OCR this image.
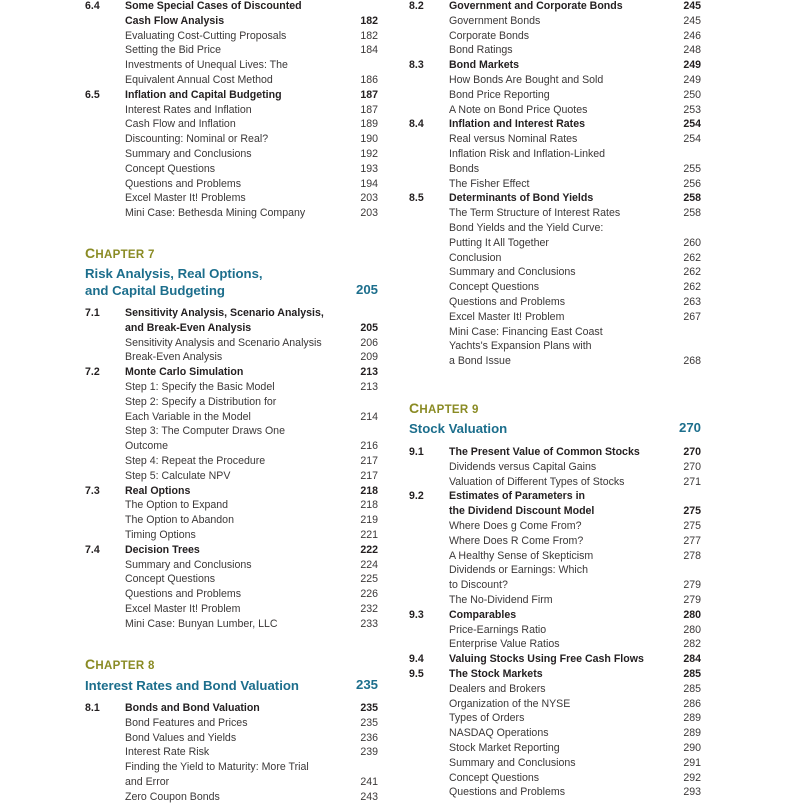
6.4 Some Special Cases of Discounted
Cash Flow Analysis	182
Evaluating Cost-Cutting Proposals	182
Setting the Bid Price	184
Investments of Unequal Lives: The
Equivalent Annual Cost Method	186
6.5 Inflation and Capital Budgeting	187
Interest Rates and Inflation	187
Cash Flow and Inflation	189
Discounting: Nominal or Real?	190
Summary and Conclusions	192
Concept Questions	193
Questions and Problems	194
Excel Master It! Problems	203
Mini Case: Bethesda Mining Company	203
CHAPTER 7
Risk Analysis, Real Options,
and Capital Budgeting	205
7.1 Sensitivity Analysis, Scenario Analysis,
and Break-Even Analysis	205
Sensitivity Analysis and Scenario Analysis	206
Break-Even Analysis	209
7.2 Monte Carlo Simulation	213
Step 1: Specify the Basic Model	213
Step 2: Specify a Distribution for
Each Variable in the Model	214
Step 3: The Computer Draws One
Outcome	216
Step 4: Repeat the Procedure	217
Step 5: Calculate NPV	217
7.3 Real Options	218
The Option to Expand	218
The Option to Abandon	219
Timing Options	221
7.4 Decision Trees	222
Summary and Conclusions	224
Concept Questions	225
Questions and Problems	226
Excel Master It! Problem	232
Mini Case: Bunyan Lumber, LLC	233
CHAPTER 8
Interest Rates and Bond Valuation	235
8.1 Bonds and Bond Valuation	235
Bond Features and Prices	235
Bond Values and Yields	236
Interest Rate Risk	239
Finding the Yield to Maturity: More Trial
and Error	241
Zero Coupon Bonds	243
8.2 Government and Corporate Bonds	245
Government Bonds	245
Corporate Bonds	246
Bond Ratings	248
8.3 Bond Markets	249
How Bonds Are Bought and Sold	249
Bond Price Reporting	250
A Note on Bond Price Quotes	253
8.4 Inflation and Interest Rates	254
Real versus Nominal Rates	254
Inflation Risk and Inflation-Linked
Bonds	255
The Fisher Effect	256
8.5 Determinants of Bond Yields	258
The Term Structure of Interest Rates	258
Bond Yields and the Yield Curve:
Putting It All Together	260
Conclusion	262
Summary and Conclusions	262
Concept Questions	262
Questions and Problems	263
Excel Master It! Problem	267
Mini Case: Financing East Coast
Yachts's Expansion Plans with
a Bond Issue	268
CHAPTER 9
Stock Valuation	270
9.1 The Present Value of Common Stocks	270
Dividends versus Capital Gains	270
Valuation of Different Types of Stocks	271
9.2 Estimates of Parameters in
the Dividend Discount Model	275
Where Does g Come From?	275
Where Does R Come From?	277
A Healthy Sense of Skepticism	278
Dividends or Earnings: Which
to Discount?	279
The No-Dividend Firm	279
9.3 Comparables	280
Price-Earnings Ratio	280
Enterprise Value Ratios	282
9.4 Valuing Stocks Using Free Cash Flows	284
9.5 The Stock Markets	285
Dealers and Brokers	285
Organization of the NYSE	286
Types of Orders	289
NASDAQ Operations	289
Stock Market Reporting	290
Summary and Conclusions	291
Concept Questions	292
Questions and Problems	293
